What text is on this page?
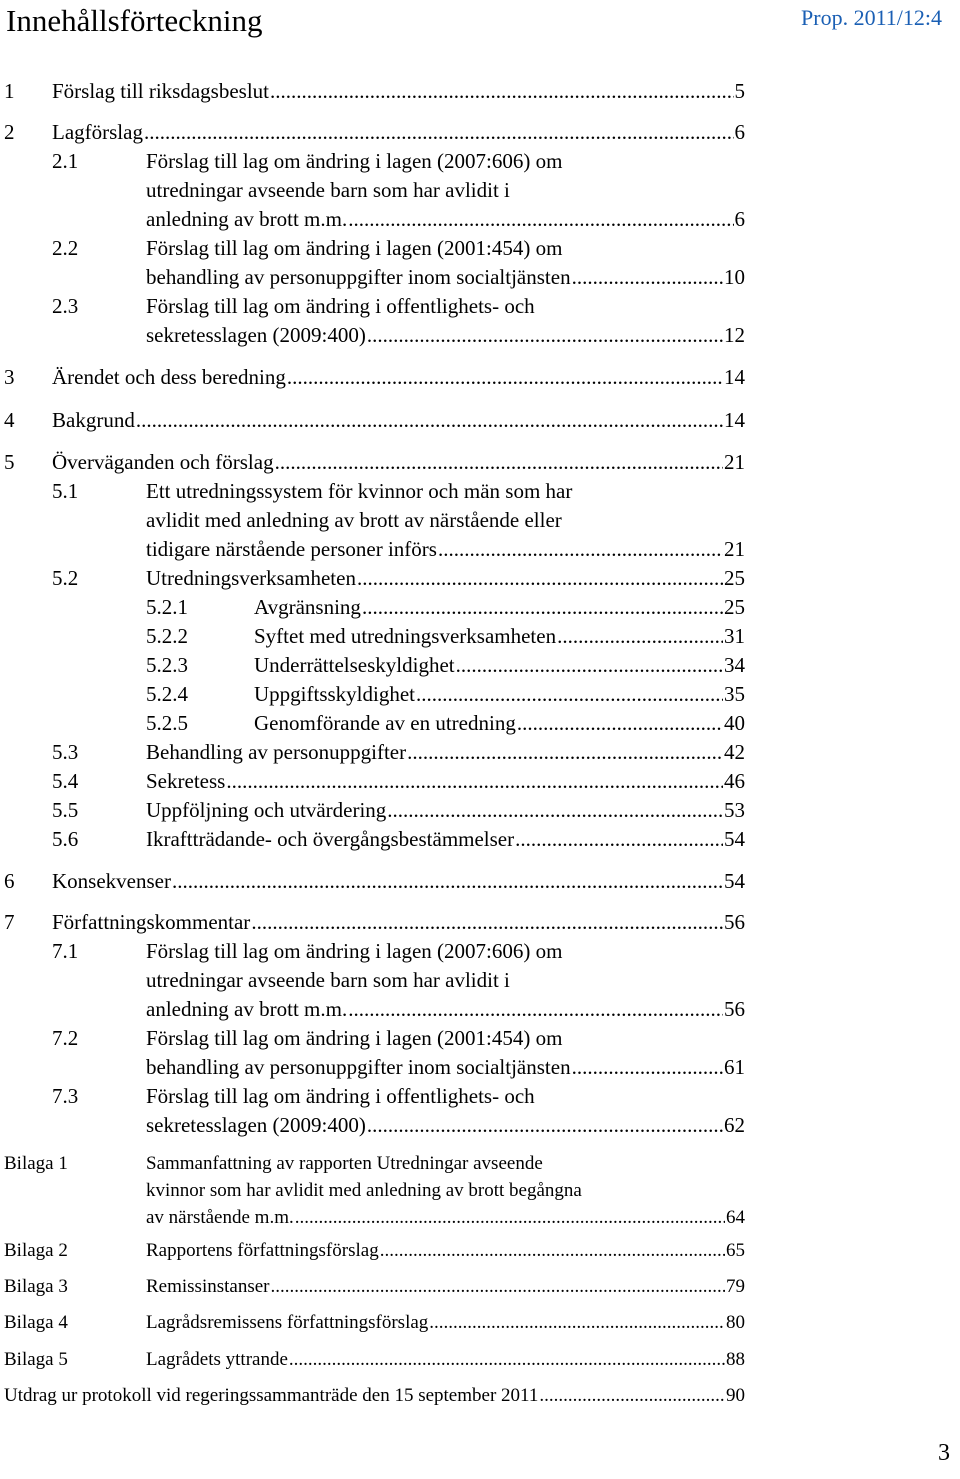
Innehållsförteckning	Prop. 2011/12:4
1 Förslag till riksdagsbeslut .....	5
2 Lagförslag .....	6
2.1	Förslag till lag om ändring i lagen (2007:606) om
utredningar avseende barn som har avlidit i
anledning av brott m.m. .....	6
2.2	Förslag till lag om ändring i lagen (2001:454) om
behandling av personuppgifter inom socialtjänsten .....	10
2.3	Förslag till lag om ändring i offentlighets- och
sekretesslagen (2009:400) .....	12
3 Ärendet och dess beredning .....	14
4 Bakgrund .....	14
5 Överväganden och förslag .....	21
5.1	Ett utredningssystem för kvinnor och män som har
avlidit med anledning av brott av närstående eller
tidigare närstående personer införs .....	21
5.2	Utredningsverksamheten .....	25
5.2.1	Avgränsning .....	25
5.2.2	Syftet med utredningsverksamheten .....	31
5.2.3	Underrättelseskyldighet .....	34
5.2.4	Uppgiftsskyldighet .....	35
5.2.5	Genomförande av en utredning .....	40
5.3	Behandling av personuppgifter .....	42
5.4	Sekretess .....	46
5.5	Uppföljning och utvärdering .....	53
5.6	Ikraftträdande- och övergångsbestämmelser .....	54
6 Konsekvenser .....	54
7 Författningskommentar .....	56
7.1	Förslag till lag om ändring i lagen (2007:606) om
utredningar avseende barn som har avlidit i
anledning av brott m.m. .....	56
7.2	Förslag till lag om ändring i lagen (2001:454) om
behandling av personuppgifter inom socialtjänsten .....	61
7.3	Förslag till lag om ändring i offentlighets- och
sekretesslagen (2009:400) .....	62
Bilaga 1	Sammanfattning av rapporten Utredningar avseende
kvinnor som har avlidit med anledning av brott begångna
av närstående m.m. .....	64
Bilaga 2	Rapportens författningsförslag .....	65
Bilaga 3	Remissinstanser .....	79
Bilaga 4	Lagrådsremissens författningsförslag .....	80
Bilaga 5	Lagrådets yttrande .....	88
Utdrag ur protokoll vid regeringssammanträde den 15 september 2011 .....	90
3
